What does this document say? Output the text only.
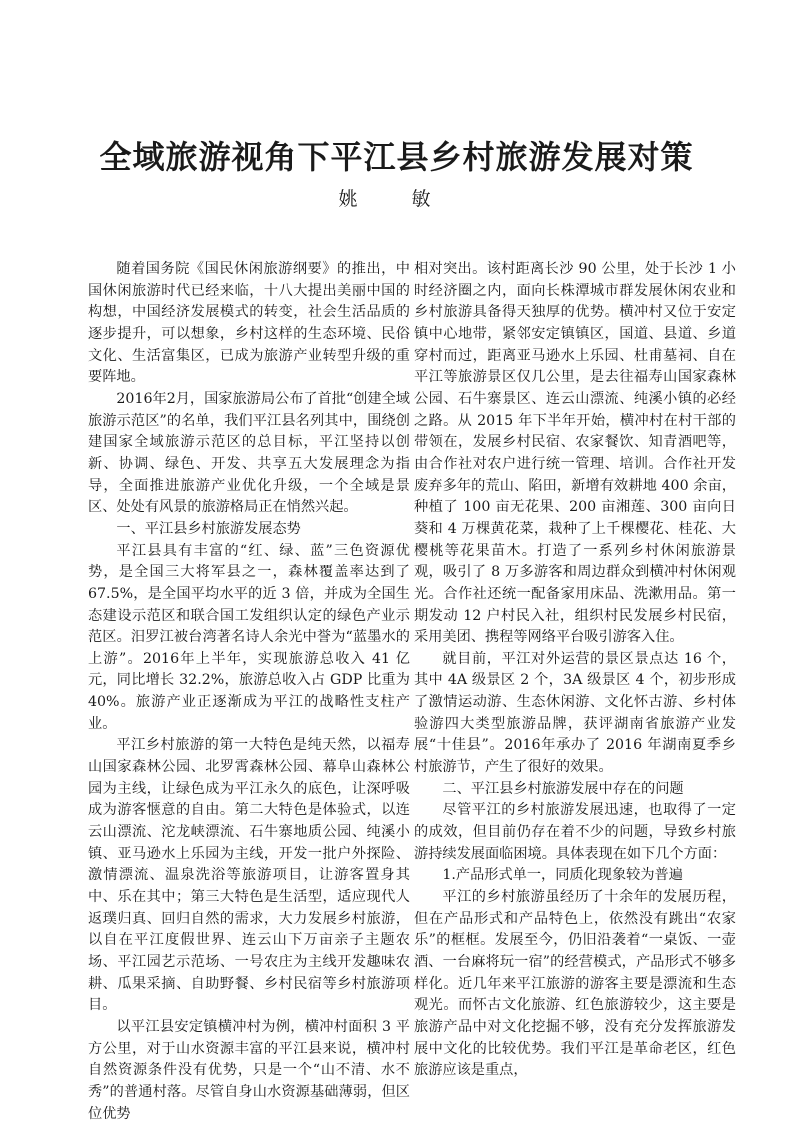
全域旅游视角下平江县乡村旅游发展对策
姚 敏

随着国务院《国民休闲旅游纲要》的推出，中国休闲旅游时代已经来临，十八大提出美丽中国的构想，中国经济发展模式的转变，社会生活品质的逐步提升，可以想象，乡村这样的生态环境、民俗文化、生活富集区，已成为旅游产业转型升级的重要阵地。

2016年2月，国家旅游局公布了首批“创建全域旅游示范区”的名单，我们平江县名列其中，围绕创建国家全域旅游示范区的总目标，平江坚持以创新、协调、绿色、开发、共享五大发展理念为指导，全面推进旅游产业优化升级，一个全域是景区、处处有风景的旅游格局正在悄然兴起。

一、平江县乡村旅游发展态势

平江县具有丰富的“红、绿、蓝”三色资源优势，是全国三大将军县之一，森林覆盖率达到了 67.5%，是全国平均水平的近 3 倍，并成为全国生态建设示范区和联合国工发组织认定的绿色产业示范区。汨罗江被台湾著名诗人余光中誉为“蓝墨水的上游”。2016年上半年，实现旅游总收入 41 亿元，同比增长 32.2%，旅游总收入占 GDP 比重为 40%。旅游产业正逐渐成为平江的战略性支柱产业。

平江乡村旅游的第一大特色是纯天然，以福寿山国家森林公园、北罗霄森林公园、幕阜山森林公园为主线，让绿色成为平江永久的底色，让深呼吸成为游客惬意的自由。第二大特色是体验式，以连云山漂流、沱龙峡漂流、石牛寨地质公园、纯溪小镇、亚马逊水上乐园为主线，开发一批户外探险、激情漂流、温泉洗浴等旅游项目，让游客置身其中、乐在其中；第三大特色是生活型，适应现代人返璞归真、回归自然的需求，大力发展乡村旅游，以自在平江度假世界、连云山下万亩亲子主题农场、平江园艺示范场、一号农庄为主线开发趣味农耕、瓜果采摘、自助野餐、乡村民宿等乡村旅游项目。

以平江县安定镇横冲村为例，横冲村面积 3 平方公里，对于山水资源丰富的平江县来说，横冲村自然资源条件没有优势，只是一个“山不清、水不秀”的普通村落。尽管自身山水资源基础薄弱，但区位优势

相对突出。该村距离长沙 90 公里，处于长沙 1 小时经济圈之内，面向长株潭城市群发展休闲农业和乡村旅游具备得天独厚的优势。横冲村又位于安定镇中心地带，紧邻安定镇镇区，国道、县道、乡道穿村而过，距离亚马逊水上乐园、杜甫墓祠、自在平江等旅游景区仅几公里，是去往福寿山国家森林公园、石牛寨景区、连云山漂流、纯溪小镇的必经之路。从 2015 年下半年开始，横冲村在村干部的带领在，发展乡村民宿、农家餐饮、知青酒吧等，由合作社对农户进行统一管理、培训。合作社开发废弃多年的荒山、陷田，新增有效耕地 400 余亩，种植了 100 亩无花果、200 亩湘莲、300 亩向日葵和 4 万棵黄花菜，栽种了上千棵樱花、桂花、大樱桃等花果苗木。打造了一系列乡村休闲旅游景观，吸引了 8 万多游客和周边群众到横冲村休闲观光。合作社还统一配备家用床品、洗漱用品。第一期发动 12 户村民入社，组织村民发展乡村民宿，采用美团、携程等网络平台吸引游客入住。

就目前，平江对外运营的景区景点达 16 个，其中 4A 级景区 2 个，3A 级景区 4 个，初步形成了激情运动游、生态休闲游、文化怀古游、乡村体验游四大类型旅游品牌，获评湖南省旅游产业发展“十佳县”。2016年承办了 2016 年湖南夏季乡村旅游节，产生了很好的效果。

二、平江县乡村旅游发展中存在的问题

尽管平江的乡村旅游发展迅速，也取得了一定的成效，但目前仍存在着不少的问题，导致乡村旅游持续发展面临困境。具体表现在如下几个方面：

1.产品形式单一，同质化现象较为普遍

平江的乡村旅游虽经历了十余年的发展历程，但在产品形式和产品特色上，依然没有跳出“农家乐”的框框。发展至今，仍旧沿袭着“一桌饭、一壶酒、一台麻将玩一宿”的经营模式，产品形式不够多样化。近几年来平江旅游的游客主要是漂流和生态观光。而怀古文化旅游、红色旅游较少，这主要是旅游产品中对文化挖掘不够，没有充分发挥旅游发展中文化的比较优势。我们平江是革命老区，红色旅游应该是重点，
